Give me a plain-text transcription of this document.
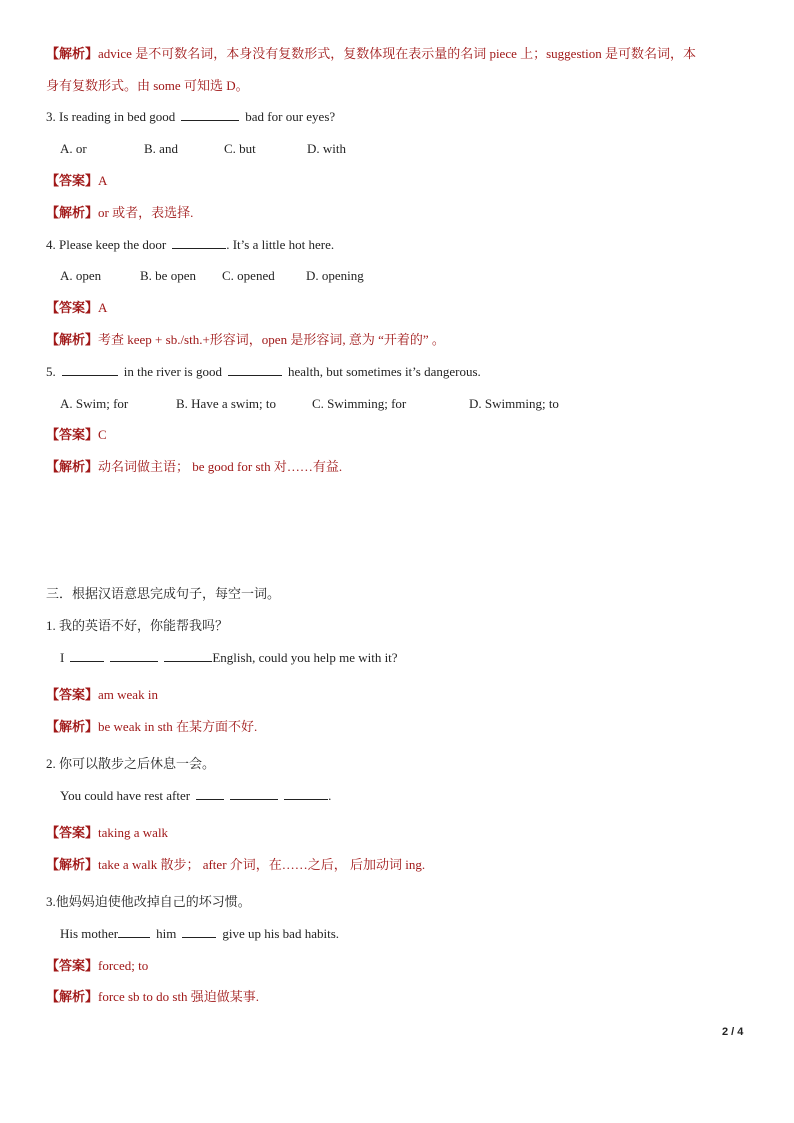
【解析】advice 是不可数名词，本身没有复数形式，复数体现在表示量的名词 piece 上；suggestion 是可数名词，本
身有复数形式。由 some 可知选 D。
3. Is reading in bed good	bad for our eyes?
A. or	B. and	C. but	D. with
【答案】A
【解析】or 或者，表选择.
4. Please keep the door	. It’s a little hot here.
A. open	B. be open C. opened D. opening
【答案】A
【解析】考查 keep + sb./sth.+形容词，open 是形容词, 意为 “开着的” 。
5.	in the river is good	health, but sometimes it’s dangerous.
A. Swim; for	B. Have a swim; to	C. Swimming; for	D. Swimming; to
【答案】C
【解析】动名词做主语； be good for sth 对……有益.
三．根据汉语意思完成句子，每空一词。
1. 我的英语不好，你能帮我吗？
I	English, could you help me with it?
【答案】am weak in
【解析】be weak in sth 在某方面不好.
2. 你可以散步之后休息一会。
You could have rest after	.
【答案】taking a walk
【解析】take a walk 散步； after 介词，在……之后， 后加动词 ing.
3.他妈妈迫使他改掉自己的坏习惯。
His mother	him	give up his bad habits.
【答案】forced; to
【解析】force sb to do sth 强迫做某事.
2 / 4
